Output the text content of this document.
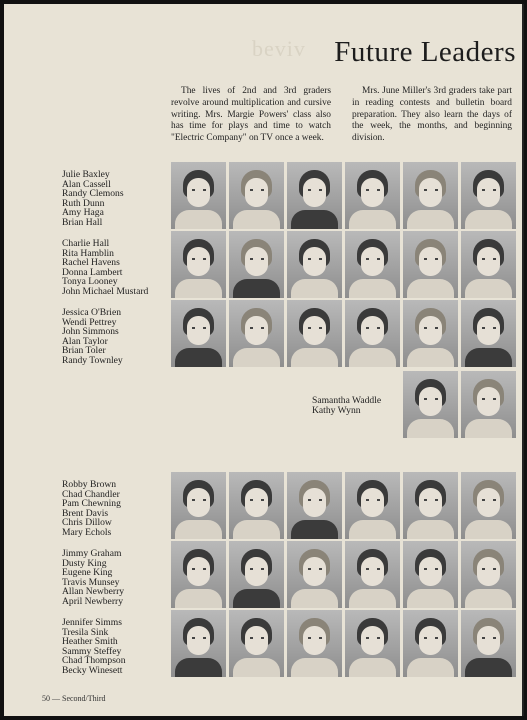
beviv Future Leaders
The lives of 2nd and 3rd graders revolve around multiplication and cursive writing. Mrs. Margie Powers' class also has time for plays and time to watch "Electric Company" on TV once a week.
Mrs. June Miller's 3rd graders take part in reading contests and bulletin board preparation. They also learn the days of the week, the months, and beginning division.
Julie Baxley
Alan Cassell
Randy Clemons
Ruth Dunn
Amy Haga
Brian Hall
Charlie Hall
Rita Hamblin
Rachel Havens
Donna Lambert
Tonya Looney
John Michael Mustard
Jessica O'Brien
Wendi Pettrey
John Simmons
Alan Taylor
Brian Toler
Randy Townley
Samantha Waddle
Kathy Wynn
Robby Brown
Chad Chandler
Pam Chewning
Brent Davis
Chris Dillow
Mary Echols
Jimmy Graham
Dusty King
Eugene King
Travis Munsey
Allan Newberry
April Newberry
Jennifer Simms
Tresila Sink
Heather Smith
Sammy Steffey
Chad Thompson
Becky Winesett
50 — Second/Third
